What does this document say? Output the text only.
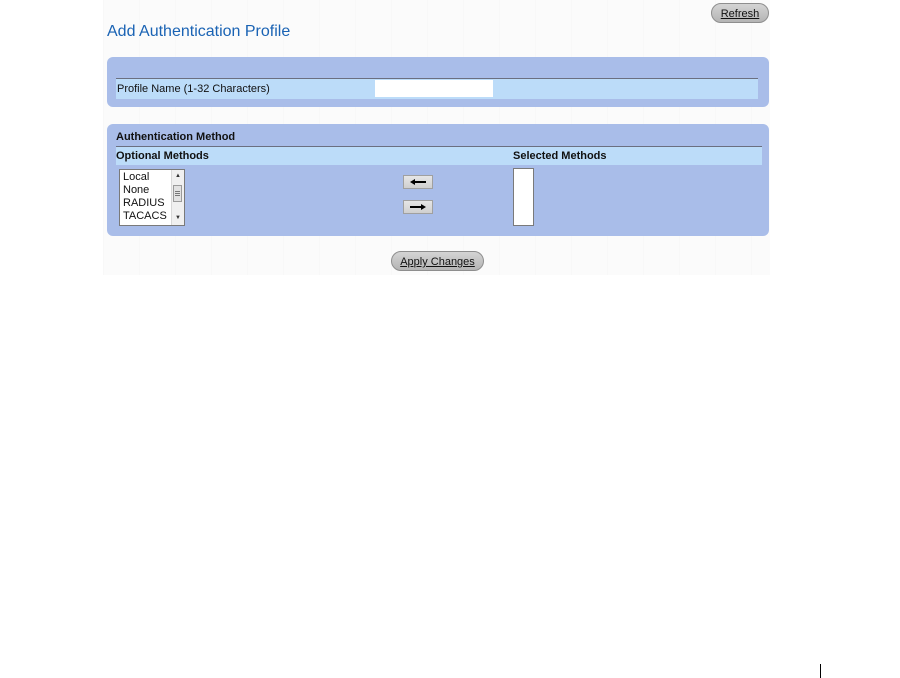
Add Authentication Profile
Refresh
Profile Name (1-32 Characters)
Authentication Method
Optional Methods	Selected Methods
Local
None
RADIUS
TACACS
▲
▼
Apply Changes
